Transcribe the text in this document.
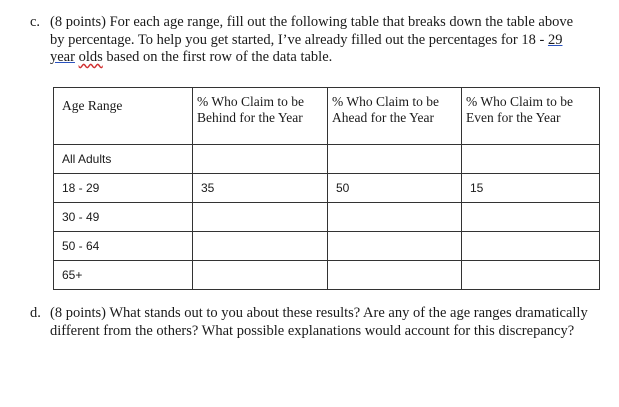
c. (8 points) For each age range, fill out the following table that breaks down the table above by percentage. To help you get started, I’ve already filled out the percentages for 18 - 29 year olds based on the first row of the data table.
Age Range	% Who Claim to be Behind for the Year	% Who Claim to be Ahead for the Year	% Who Claim to be Even for the Year
All Adults			
18 - 29	35	50	15
30 - 49			
50 - 64			
65+			
d. (8 points) What stands out to you about these results? Are any of the age ranges dramatically different from the others? What possible explanations would account for this discrepancy?
